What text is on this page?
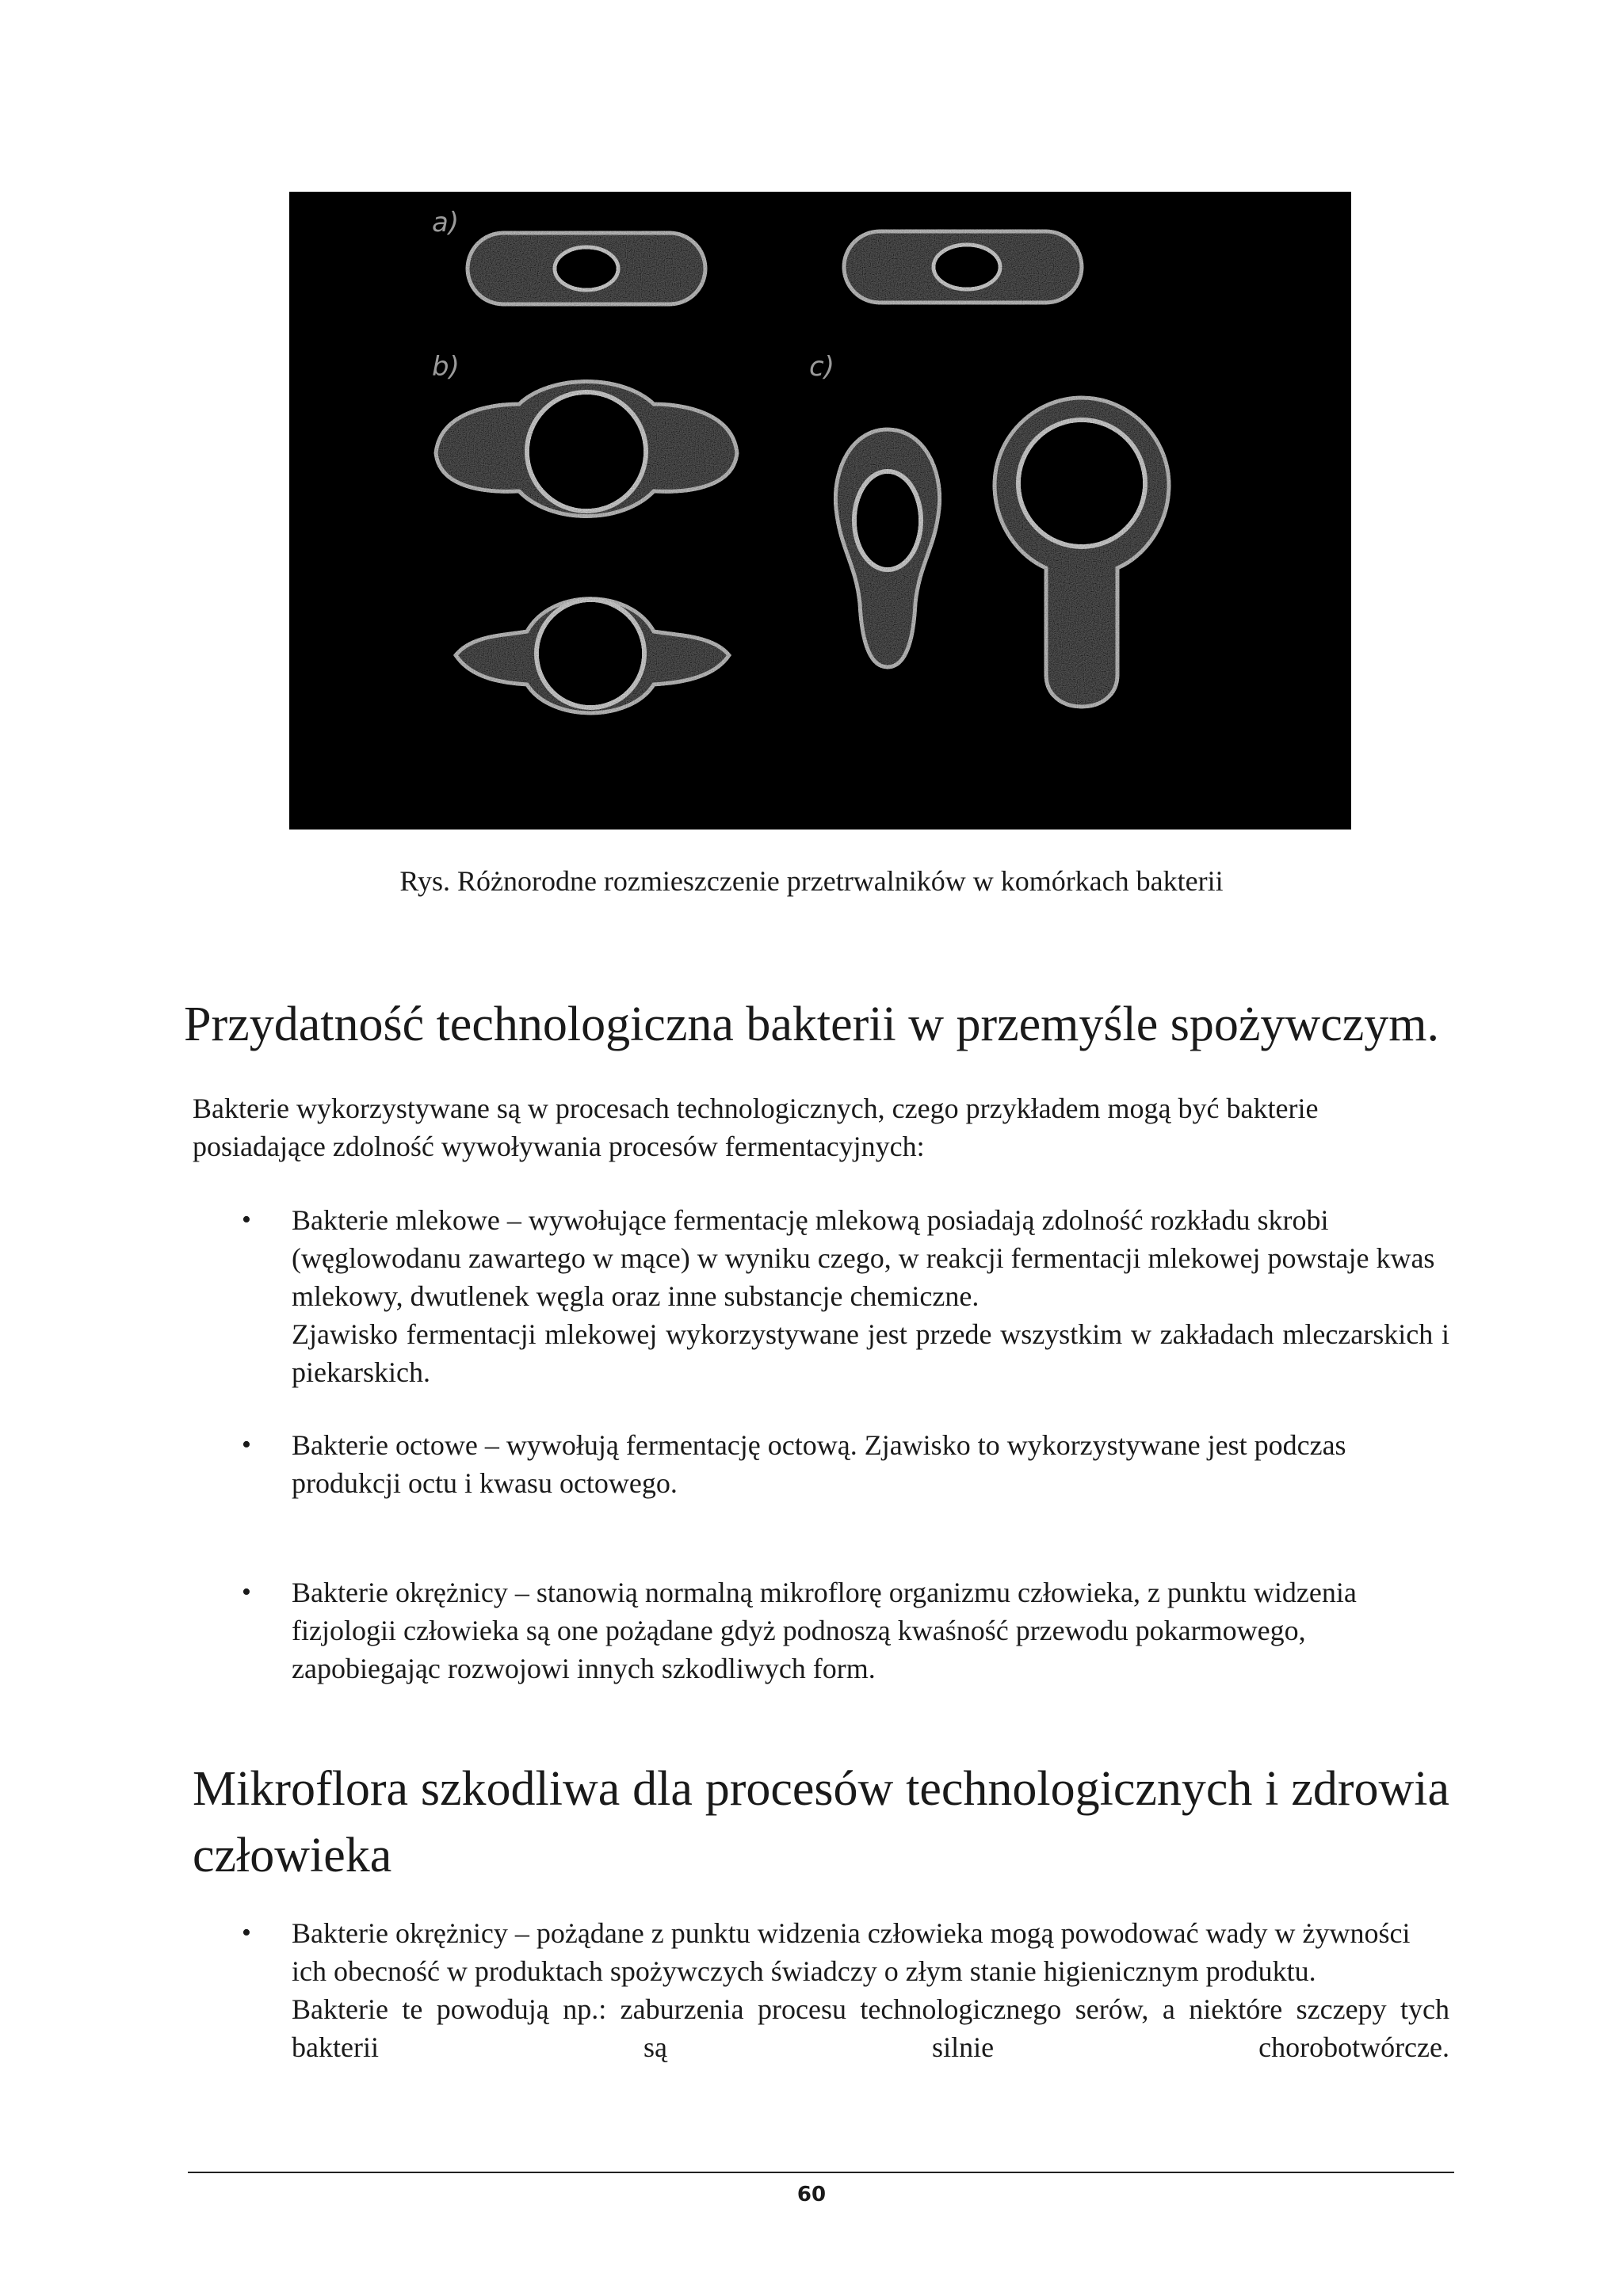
a)
b)	c)
Rys. Różnorodne rozmieszczenie przetrwalników w komórkach bakterii
Przydatność technologiczna bakterii w przemyśle spożywczym.

Bakterie wykorzystywane są w procesach technologicznych, czego przykładem mogą być bakterie posiadające zdolność wywoływania procesów fermentacyjnych:

• Bakterie mlekowe – wywołujące fermentację mlekową posiadają zdolność rozkładu skrobi (węglowodanu zawartego w mące) w wyniku czego, w reakcji fermentacji mlekowej powstaje kwas mlekowy, dwutlenek węgla oraz inne substancje chemiczne.
Zjawisko fermentacji mlekowej wykorzystywane jest przede wszystkim w zakładach mleczarskich i piekarskich.
• Bakterie octowe – wywołują fermentację octową. Zjawisko to wykorzystywane jest podczas produkcji octu i kwasu octowego.
• Bakterie okrężnicy – stanowią normalną mikroflorę organizmu człowieka, z punktu widzenia fizjologii człowieka są one pożądane gdyż podnoszą kwaśność przewodu pokarmowego, zapobiegając rozwojowi innych szkodliwych form.
Mikroflora szkodliwa dla procesów technologicznych i zdrowia człowieka
• Bakterie okrężnicy – pożądane z punktu widzenia człowieka mogą powodować wady w żywności ich obecność w produktach spożywczych świadczy o złym stanie higienicznym produktu.
Bakterie te powodują np.: zaburzenia procesu technologicznego serów, a niektóre szczepy tych bakterii są silnie chorobotwórcze.
60
